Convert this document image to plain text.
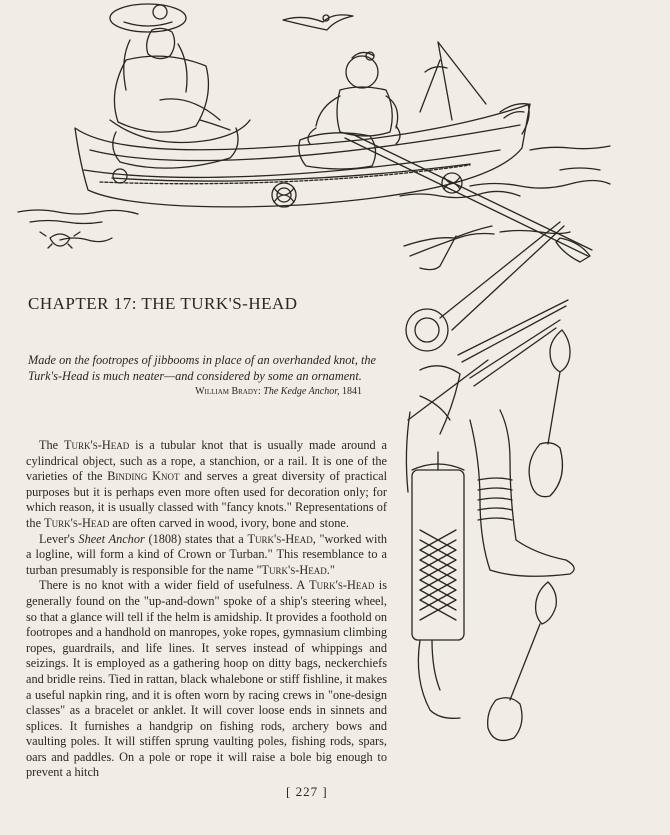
CHAPTER 17: THE TURK'S-HEAD

Made on the footropes of jibbooms in place of an overhanded knot, the Turk's-Head is much neater—and considered by some an ornament.
William Brady: The Kedge Anchor, 1841

The Turk's-Head is a tubular knot that is usually made around a cylindrical object, such as a rope, a stanchion, or a rail. It is one of the varieties of the Binding Knot and serves a great diversity of practical purposes but it is perhaps even more often used for decoration only; for which reason, it is usually classed with "fancy knots." Representations of the Turk's-Head are often carved in wood, ivory, bone and stone.

Lever's Sheet Anchor (1808) states that a Turk's-Head, "worked with a logline, will form a kind of Crown or Turban." This resemblance to a turban presumably is responsible for the name "Turk's-Head."

There is no knot with a wider field of usefulness. A Turk's-Head is generally found on the "up-and-down" spoke of a ship's steering wheel, so that a glance will tell if the helm is amidship. It provides a foothold on footropes and a handhold on manropes, yoke ropes, gymnasium climbing ropes, guardrails, and life lines. It serves instead of whippings and seizings. It is employed as a gathering hoop on ditty bags, neckerchiefs and bridle reins. Tied in rattan, black whalebone or stiff fishline, it makes a useful napkin ring, and it is often worn by racing crews in "one-design classes" as a bracelet or anklet. It will cover loose ends in sinnets and splices. It furnishes a handgrip on fishing rods, archery bows and vaulting poles. It will stiffen sprung vaulting poles, fishing rods, spars, oars and paddles. On a pole or rope it will raise a bole big enough to prevent a hitch

[ 227 ]
